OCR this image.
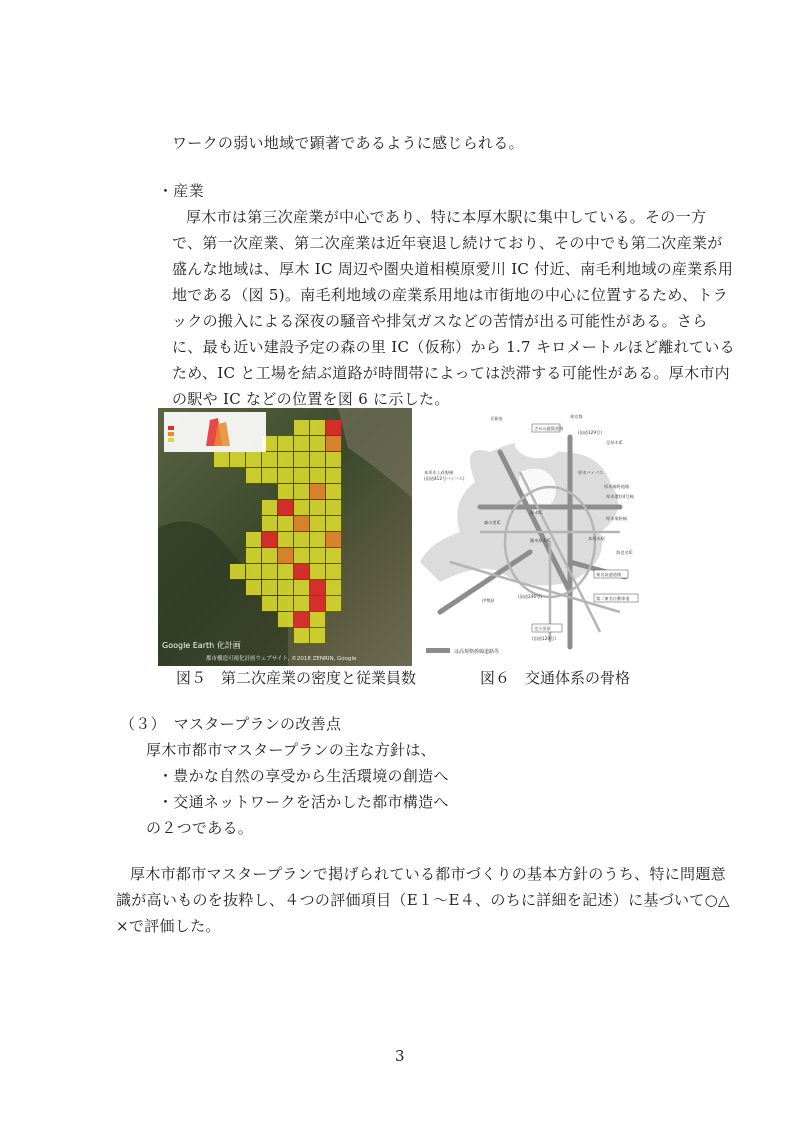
ワークの弱い地域で顕著であるように感じられる。
・産業
厚木市は第三次産業が中心であり、特に本厚木駅に集中している。その一方
で、第一次産業、第二次産業は近年衰退し続けており、その中でも第二次産業が
盛んな地域は、厚木 IC 周辺や圏央道相模原愛川 IC 付近、南毛利地域の産業系用
地である（図 5)。南毛利地域の産業系用地は市街地の中心に位置するため、トラ
ックの搬入による深夜の騒音や排気ガスなどの苦情が出る可能性がある。さら
に、最も近い建設予定の森の里 IC（仮称）から 1.7 キロメートルほど離れている
ため、IC と工場を結ぶ道路が時間帯によっては渋滞する可能性がある。厚木市内
の駅や IC などの位置を図 6 に示した。
Google Earth 化計画
都市構造可視化計画ウェブサイト, ©2018 ZENRIN, Google
さがみ縦貫道路
至新宿	東京都
(国道129号)
至厚木IC
本厚木上荻野線
(国道412号バイパス)
厚木バイパス
厚木秦野道路
森の里IC
本厚木駅
厚木環状4号線
厚木秦野線
厚木IC
圏央厚木IC
東名高速道路
海老名IC
(国道246号)	第二東名自動車道
伊勢原
至小田原
(国道129号)
は高規格幹線道路等
図５　第二次産業の密度と従業員数	図６　交通体系の骨格
（３）　マスタープランの改善点
厚木市都市マスタープランの主な方針は、
・豊かな自然の享受から生活環境の創造へ
・交通ネットワークを活かした都市構造へ
の２つである。
厚木市都市マスタープランで掲げられている都市づくりの基本方針のうち、特に問題意
識が高いものを抜粋し、４つの評価項目（E１～E４、のちに詳細を記述）に基づいて○△
×で評価した。
3
